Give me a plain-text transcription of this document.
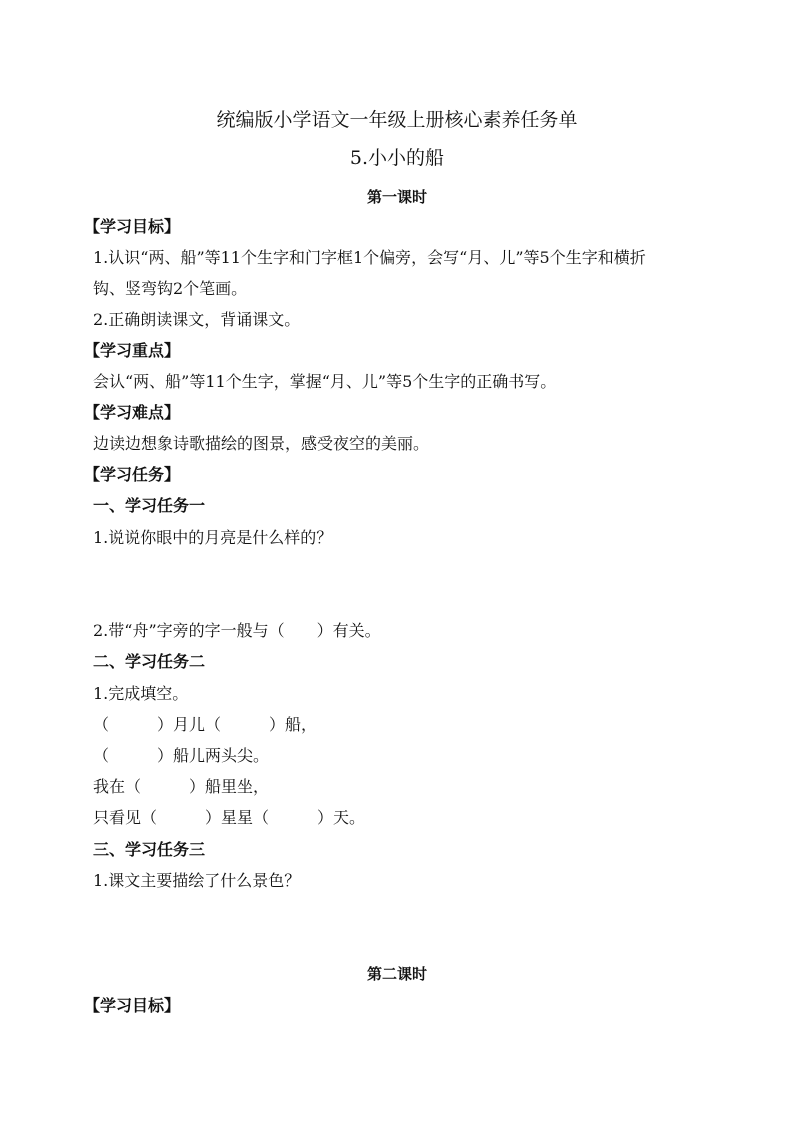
统编版小学语文一年级上册核心素养任务单
5.小小的船
第一课时
【学习目标】
1.认识“两、船”等11个生字和门字框1个偏旁，会写“月、儿”等5个生字和横折
钩、竖弯钩2个笔画。
2.正确朗读课文，背诵课文。
【学习重点】
会认“两、船”等11个生字，掌握“月、儿”等5个生字的正确书写。
【学习难点】
边读边想象诗歌描绘的图景，感受夜空的美丽。
【学习任务】
一、学习任务一
1.说说你眼中的月亮是什么样的？
2.带“舟”字旁的字一般与（　　）有关。
二、学习任务二
1.完成填空。
（　　　）月儿（　　　）船，
（　　　）船儿两头尖。
我在（　　　）船里坐，
只看见（　　　）星星（　　　）天。
三、学习任务三
1.课文主要描绘了什么景色？
第二课时
【学习目标】
